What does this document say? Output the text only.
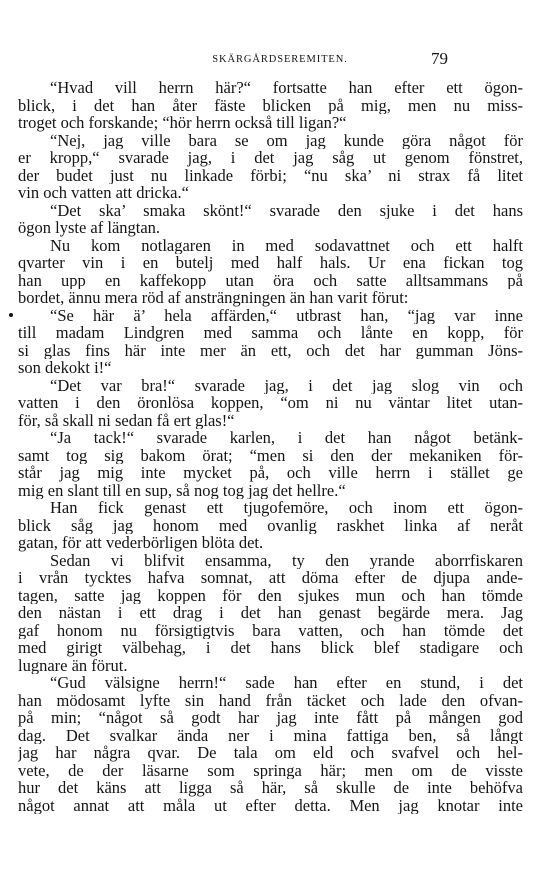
SKÄRGÅRDSEREMITEN.	79
“Hvad vill herrn här?“ fortsatte han efter ett ögon-
blick, i det han åter fäste blicken på mig, men nu miss-
troget och forskande; “hör herrn också till ligan?“
“Nej, jag ville bara se om jag kunde göra något för
er kropp,“ svarade jag, i det jag såg ut genom fönstret,
der budet just nu linkade förbi; “nu ska’ ni strax få litet
vin och vatten att dricka.“
“Det ska’ smaka skönt!“ svarade den sjuke i det hans
ögon lyste af längtan.
Nu kom notlagaren in med sodavattnet och ett halft
qvarter vin i en butelj med half hals. Ur ena fickan tog
han upp en kaffekopp utan öra och satte alltsammans på
bordet, ännu mera röd af ansträngningen än han varit förut:
“Se här ä’ hela affärden,“ utbrast han, “jag var inne
till madam Lindgren med samma och lånte en kopp, för
si glas fins här inte mer än ett, och det har gumman Jöns-
son dekokt i!“
“Det var bra!“ svarade jag, i det jag slog vin och
vatten i den öronlösa koppen, “om ni nu väntar litet utan-
för, så skall ni sedan få ert glas!“
“Ja tack!“ svarade karlen, i det han något betänk-
samt tog sig bakom örat; “men si den der mekaniken för-
står jag mig inte mycket på, och ville herrn i stället ge
mig en slant till en sup, så nog tog jag det hellre.“
Han fick genast ett tjugofemöre, och inom ett ögon-
blick såg jag honom med ovanlig raskhet linka af neråt
gatan, för att vederbörligen blöta det.
Sedan vi blifvit ensamma, ty den yrande aborrfiskaren
i vrån tycktes hafva somnat, att döma efter de djupa ande-
tagen, satte jag koppen för den sjukes mun och han tömde
den nästan i ett drag i det han genast begärde mera. Jag
gaf honom nu försigtigtvis bara vatten, och han tömde det
med girigt välbehag, i det hans blick blef stadigare och
lugnare än förut.
“Gud välsigne herrn!“ sade han efter en stund, i det
han mödosamt lyfte sin hand från täcket och lade den ofvan-
på min; “något så godt har jag inte fått på mången god
dag. Det svalkar ända ner i mina fattiga ben, så långt
jag har några qvar. De tala om eld och svafvel och hel-
vete, de der läsarne som springa här; men om de visste
hur det käns att ligga så här, så skulle de inte behöfva
något annat att måla ut efter detta. Men jag knotar inte
